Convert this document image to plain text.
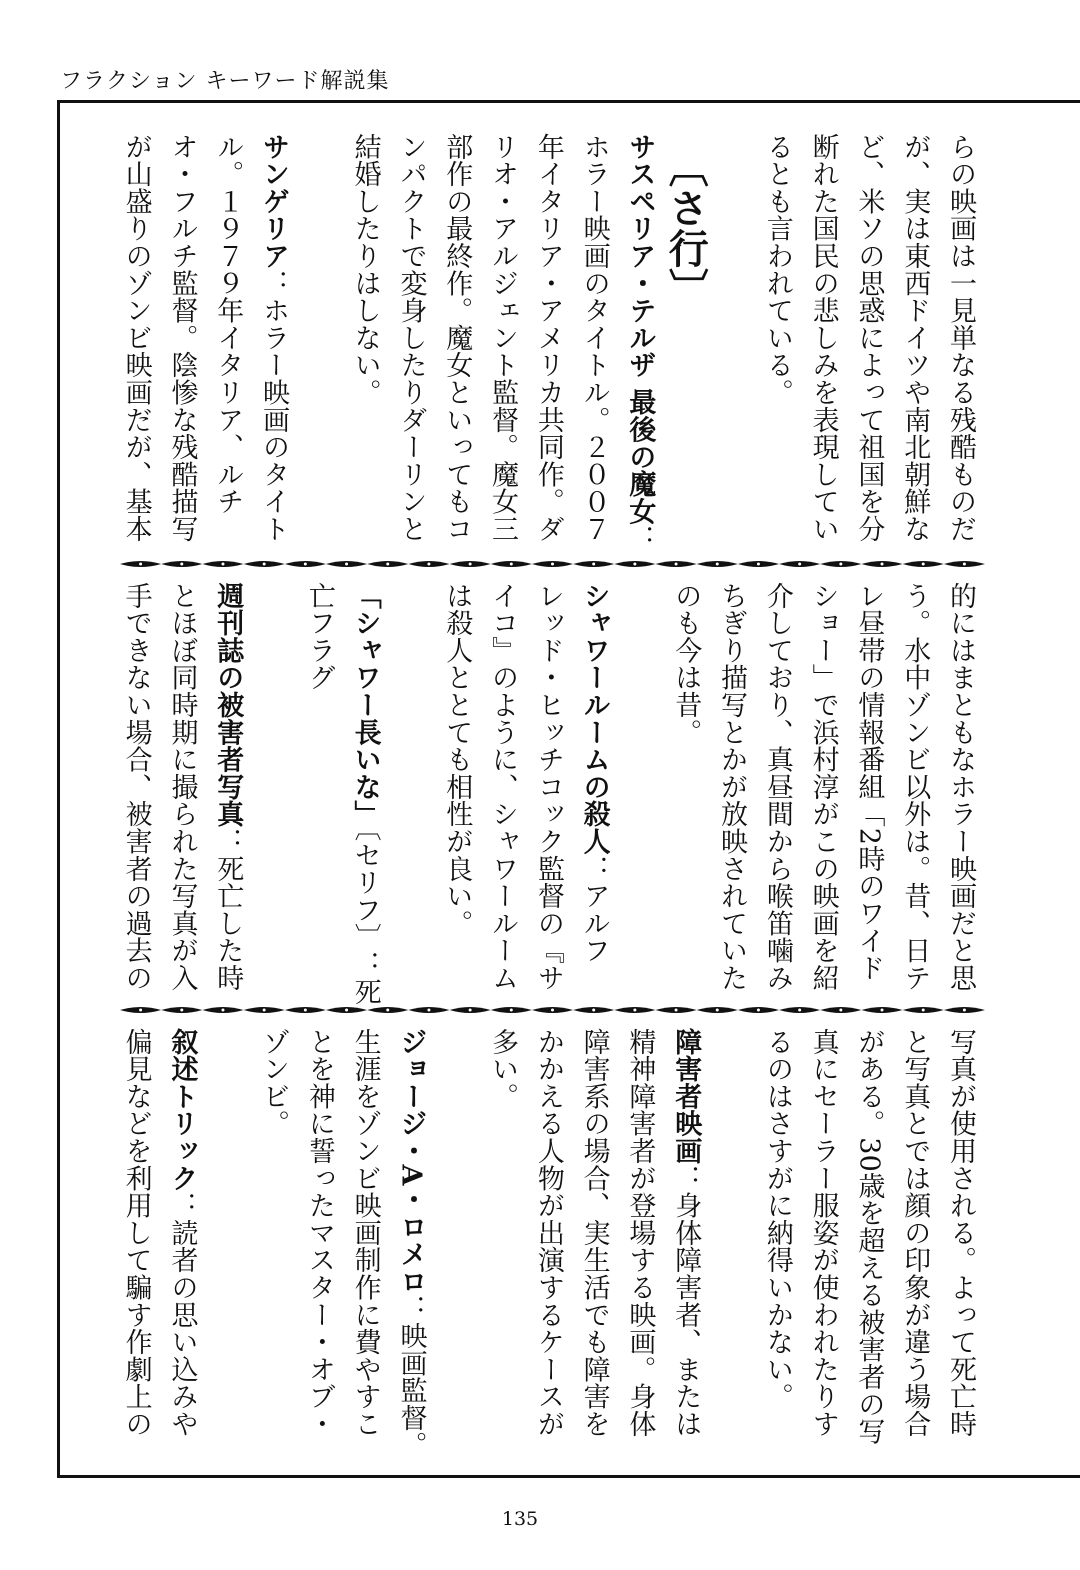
フラクション キーワード解説集
らの映画は一見単なる残酷ものだ
が、実は東西ドイツや南北朝鮮な
ど、米ソの思惑によって祖国を分
断れた国民の悲しみを表現してい
るとも言われている。

〔さ行〕
サスペリア・テルザ 最後の魔女：
ホラー映画のタイトル。２００７
年イタリア・アメリカ共同作。ダ
リオ・アルジェント監督。魔女三
部作の最終作。魔女といってもコ
ンパクトで変身したりダーリンと
結婚したりはしない。

サンゲリア：ホラー映画のタイト
ル。１９７９年イタリア、ルチ
オ・フルチ監督。陰惨な残酷描写
が山盛りのゾンビ映画だが、基本
的にはまともなホラー映画だと思
う。水中ゾンビ以外は。昔、日テ
レ昼帯の情報番組「2時のワイド
ショー」で浜村淳がこの映画を紹
介しており、真昼間から喉笛噛み
ちぎり描写とかが放映されていた
のも今は昔。

シャワールームの殺人：アルフ
レッド・ヒッチコック監督の『サ
イコ』のように、シャワールーム
は殺人ととても相性が良い。

「シャワー長いな」〔セリフ〕：死
亡フラグ

週刊誌の被害者写真：死亡した時
とほぼ同時期に撮られた写真が入
手できない場合、被害者の過去の
写真が使用される。よって死亡時
と写真とでは顔の印象が違う場合
がある。30歳を超える被害者の写
真にセーラー服姿が使われたりす
るのはさすがに納得いかない。

障害者映画：身体障害者、または
精神障害者が登場する映画。身体
障害系の場合、実生活でも障害を
かかえる人物が出演するケースが
多い。

ジョージ・A・ロメロ：映画監督。
生涯をゾンビ映画制作に費やすこ
とを神に誓ったマスター・オブ・
ゾンビ。

叙述トリック：読者の思い込みや
偏見などを利用して騙す作劇上の
135
